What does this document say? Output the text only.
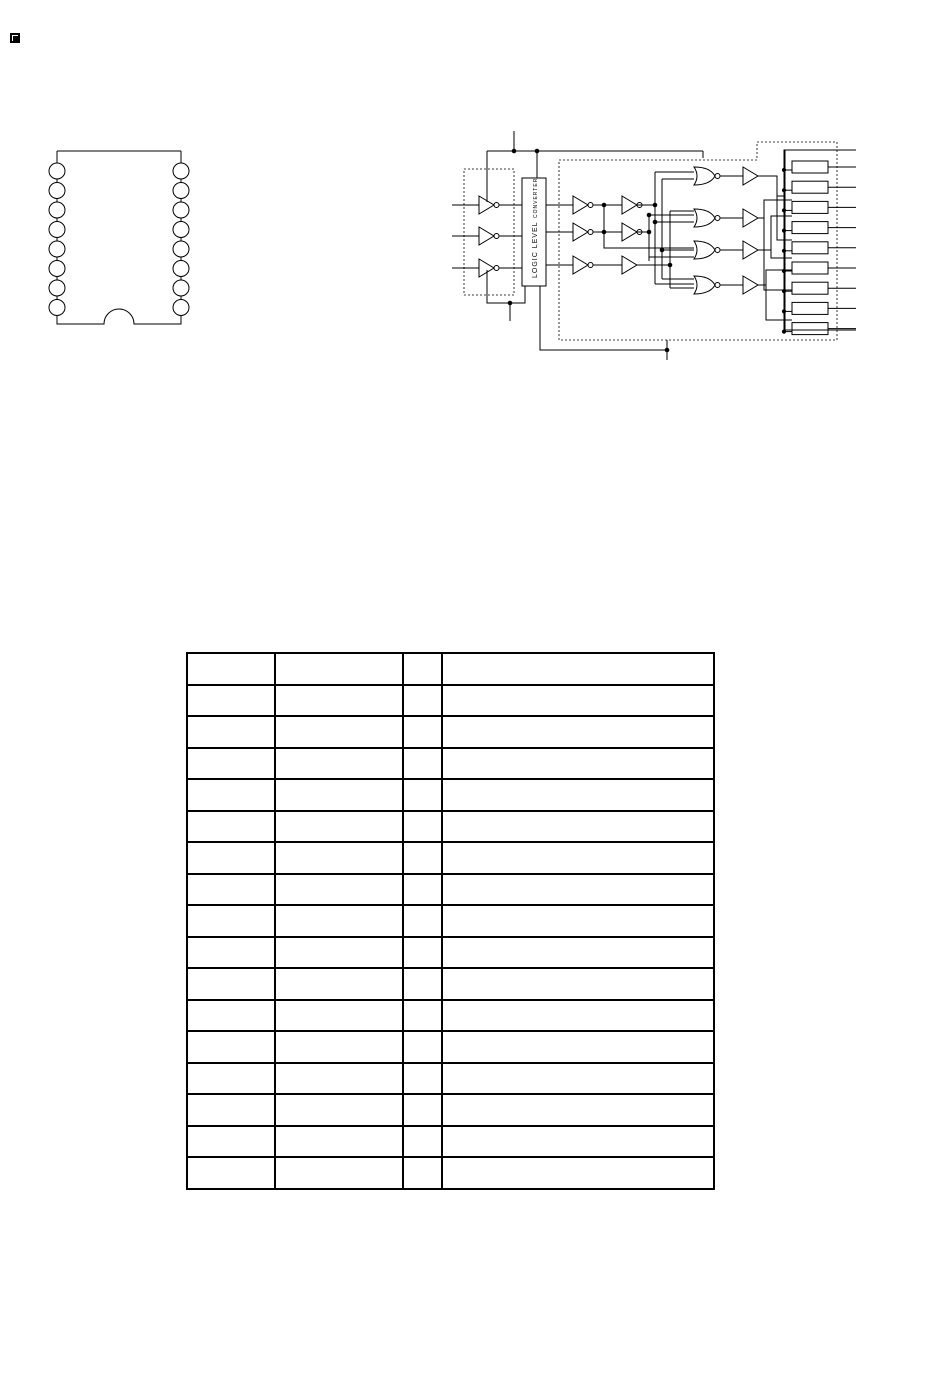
LOGIC LEVEL
CONVERTER
